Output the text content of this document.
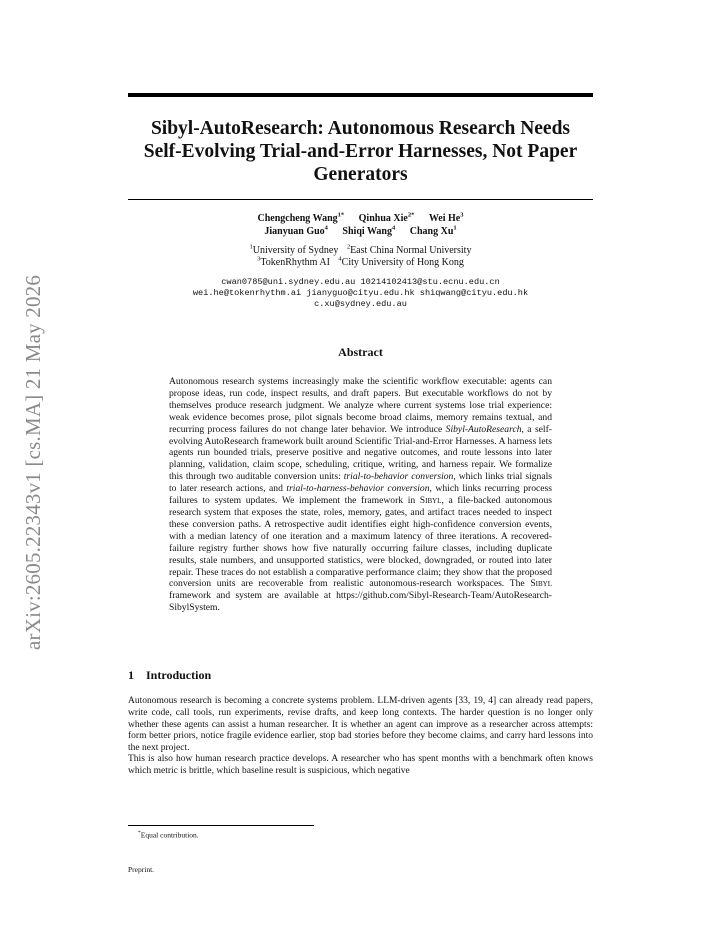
arXiv:2605.22343v1 [cs.MA] 21 May 2026
Sibyl-AutoResearch: Autonomous Research Needs
Self-Evolving Trial-and-Error Harnesses, Not Paper
Generators
Chengcheng Wang$^{1*}$ Qinhua Xie$^{2*}$ Wei He$^3$
Jianyuan Guo$^4$ Shiqi Wang$^4$ Chang Xu$^1$
$^1$University of Sydney $^2$East China Normal University
$^3$TokenRhythm AI $^4$City University of Hong Kong
cwan0785@uni.sydney.edu.au 10214102413@stu.ecnu.edu.cn
wei.he@tokenrhythm.ai jianyguo@cityu.edu.hk shiqwang@cityu.edu.hk
c.xu@sydney.edu.au
Abstract
Autonomous research systems increasingly make the scientific workflow executable: agents can propose ideas, run code, inspect results, and draft papers. But executable workflows do not by themselves produce research judgment. We analyze where current systems lose trial experience: weak evidence becomes prose, pilot signals become broad claims, memory remains textual, and recurring process failures do not change later behavior. We introduce Sibyl-AutoResearch, a self-evolving AutoResearch framework built around Scientific Trial-and-Error Harnesses. A harness lets agents run bounded trials, preserve positive and negative outcomes, and route lessons into later planning, validation, claim scope, scheduling, critique, writing, and harness repair. We formalize this through two auditable conversion units: trial-to-behavior conversion, which links trial signals to later research actions, and trial-to-harness-behavior conversion, which links recurring process failures to system updates. We implement the framework in Sibyl, a file-backed autonomous research system that exposes the state, roles, memory, gates, and artifact traces needed to inspect these conversion paths. A retrospective audit identifies eight high-confidence conversion events, with a median latency of one iteration and a maximum latency of three iterations. A recovered-failure registry further shows how five naturally occurring failure classes, including duplicate results, stale numbers, and unsupported statistics, were blocked, downgraded, or routed into later repair. These traces do not establish a comparative performance claim; they show that the proposed conversion units are recoverable from realistic autonomous-research workspaces. The Sibyl framework and system are available at https://github.com/Sibyl-Research-Team/AutoResearch-SibylSystem.
1 Introduction
Autonomous research is becoming a concrete systems problem. LLM-driven agents [33, 19, 4] can already read papers, write code, call tools, run experiments, revise drafts, and keep long contexts. The harder question is no longer only whether these agents can assist a human researcher. It is whether an agent can improve as a researcher across attempts: form better priors, notice fragile evidence earlier, stop bad stories before they become claims, and carry hard lessons into the next project.
This is also how human research practice develops. A researcher who has spent months with a benchmark often knows which metric is brittle, which baseline result is suspicious, which negative
*Equal contribution.
Preprint.
